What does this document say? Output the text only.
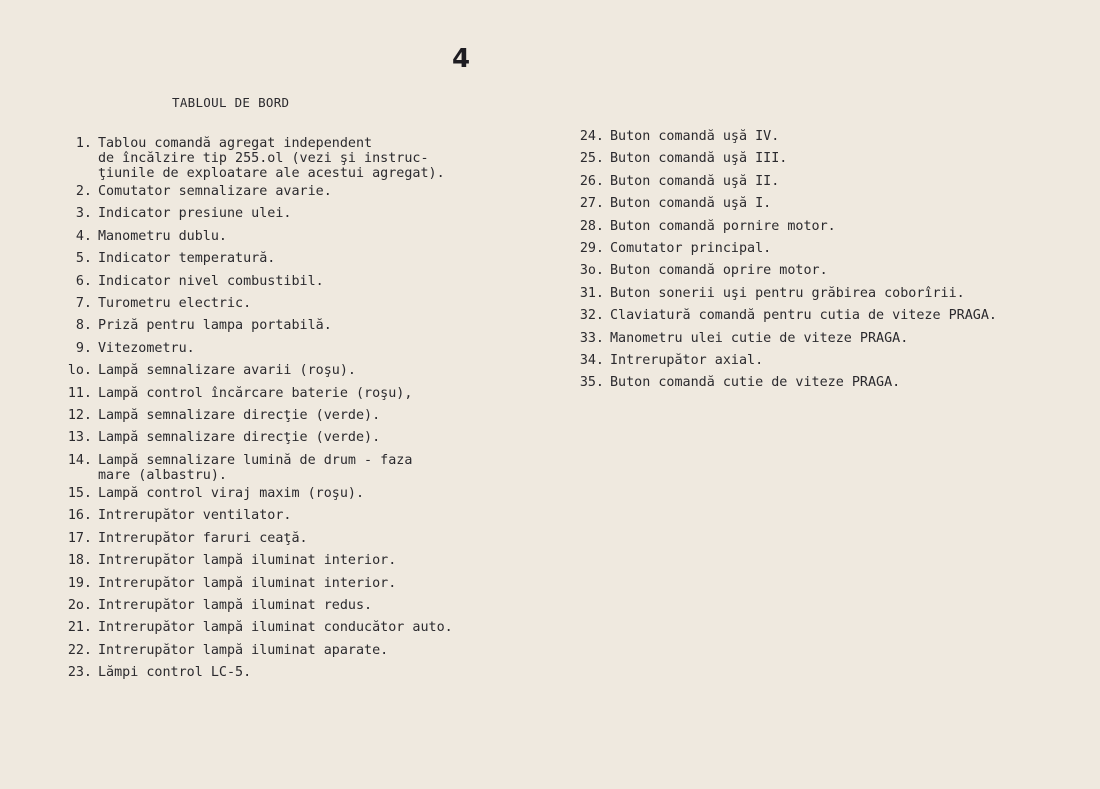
4
TABLOUL DE BORD
1. Tablou comandă agregat independent
de încălzire tip 255.ol (vezi şi instruc-
ţiunile de exploatare ale acestui agregat).
2. Comutator semnalizare avarie.
3. Indicator presiune ulei.
4. Manometru dublu.
5. Indicator temperatură.
6. Indicator nivel combustibil.
7. Turometru electric.
8. Priză pentru lampa portabilă.
9. Vitezometru.
lo. Lampă semnalizare avarii (roşu).
11. Lampă control încărcare baterie (roşu),
12. Lampă semnalizare direcţie (verde).
13. Lampă semnalizare direcţie (verde).
14. Lampă semnalizare lumină de drum - faza
mare (albastru).
15. Lampă control viraj maxim (roşu).
16. Intrerupător ventilator.
17. Intrerupător faruri ceaţă.
18. Intrerupător lampă iluminat interior.
19. Intrerupător lampă iluminat interior.
2o. Intrerupător lampă iluminat redus.
21. Intrerupător lampă iluminat conducător auto.
22. Intrerupător lampă iluminat aparate.
23. Lămpi control LC-5.
24. Buton comandă uşă IV.
25. Buton comandă uşă III.
26. Buton comandă uşă II.
27. Buton comandă uşă I.
28. Buton comandă pornire motor.
29. Comutator principal.
3o. Buton comandă oprire motor.
31. Buton sonerii uşi pentru grăbirea coborîrii.
32. Claviatură comandă pentru cutia de viteze PRAGA.
33. Manometru ulei cutie de viteze PRAGA.
34. Intrerupător axial.
35. Buton comandă cutie de viteze PRAGA.
